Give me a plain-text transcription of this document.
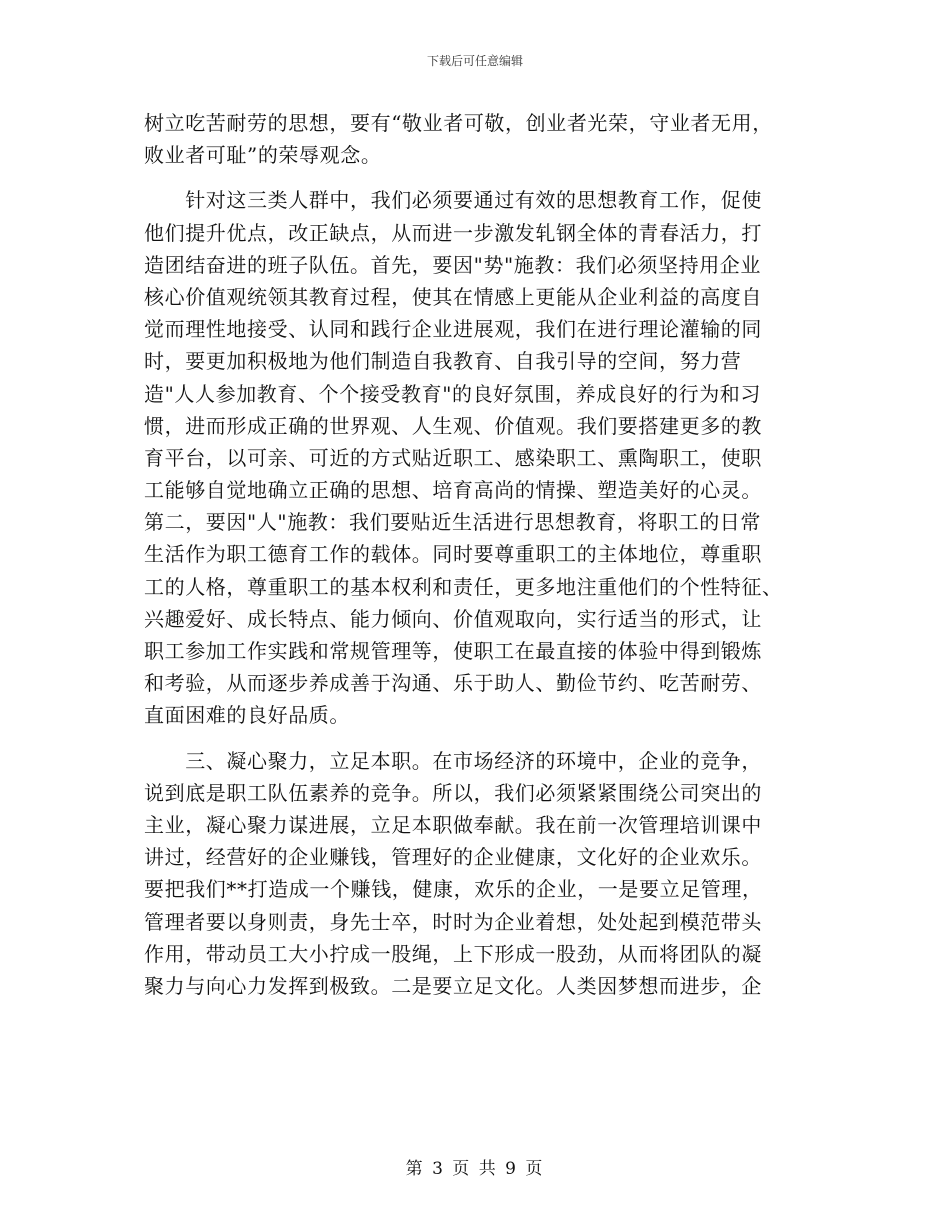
下载后可任意编辑
树立吃苦耐劳的思想，要有“敬业者可敬，创业者光荣，守业者无用，
败业者可耻”的荣辱观念。
　　针对这三类人群中，我们必须要通过有效的思想教育工作，促使
他们提升优点，改正缺点，从而进一步激发轧钢全体的青春活力，打
造团结奋进的班子队伍。首先，要因"势"施教：我们必须坚持用企业
核心价值观统领其教育过程，使其在情感上更能从企业利益的高度自
觉而理性地接受、认同和践行企业进展观，我们在进行理论灌输的同
时，要更加积极地为他们制造自我教育、自我引导的空间，努力营
造"人人参加教育、个个接受教育"的良好氛围，养成良好的行为和习
惯，进而形成正确的世界观、人生观、价值观。我们要搭建更多的教
育平台，以可亲、可近的方式贴近职工、感染职工、熏陶职工，使职
工能够自觉地确立正确的思想、培育高尚的情操、塑造美好的心灵。
第二，要因"人"施教：我们要贴近生活进行思想教育，将职工的日常
生活作为职工德育工作的载体。同时要尊重职工的主体地位，尊重职
工的人格，尊重职工的基本权利和责任，更多地注重他们的个性特征、
兴趣爱好、成长特点、能力倾向、价值观取向，实行适当的形式，让
职工参加工作实践和常规管理等，使职工在最直接的体验中得到锻炼
和考验，从而逐步养成善于沟通、乐于助人、勤俭节约、吃苦耐劳、
直面困难的良好品质。
　　三、凝心聚力，立足本职。在市场经济的环境中，企业的竞争，
说到底是职工队伍素养的竞争。所以，我们必须紧紧围绕公司突出的
主业，凝心聚力谋进展，立足本职做奉献。我在前一次管理培训课中
讲过，经营好的企业赚钱，管理好的企业健康，文化好的企业欢乐。
要把我们**打造成一个赚钱，健康，欢乐的企业，一是要立足管理，
管理者要以身则责，身先士卒，时时为企业着想，处处起到模范带头
作用，带动员工大小拧成一股绳，上下形成一股劲，从而将团队的凝
聚力与向心力发挥到极致。二是要立足文化。人类因梦想而进步，企
第 3 页 共 9 页
